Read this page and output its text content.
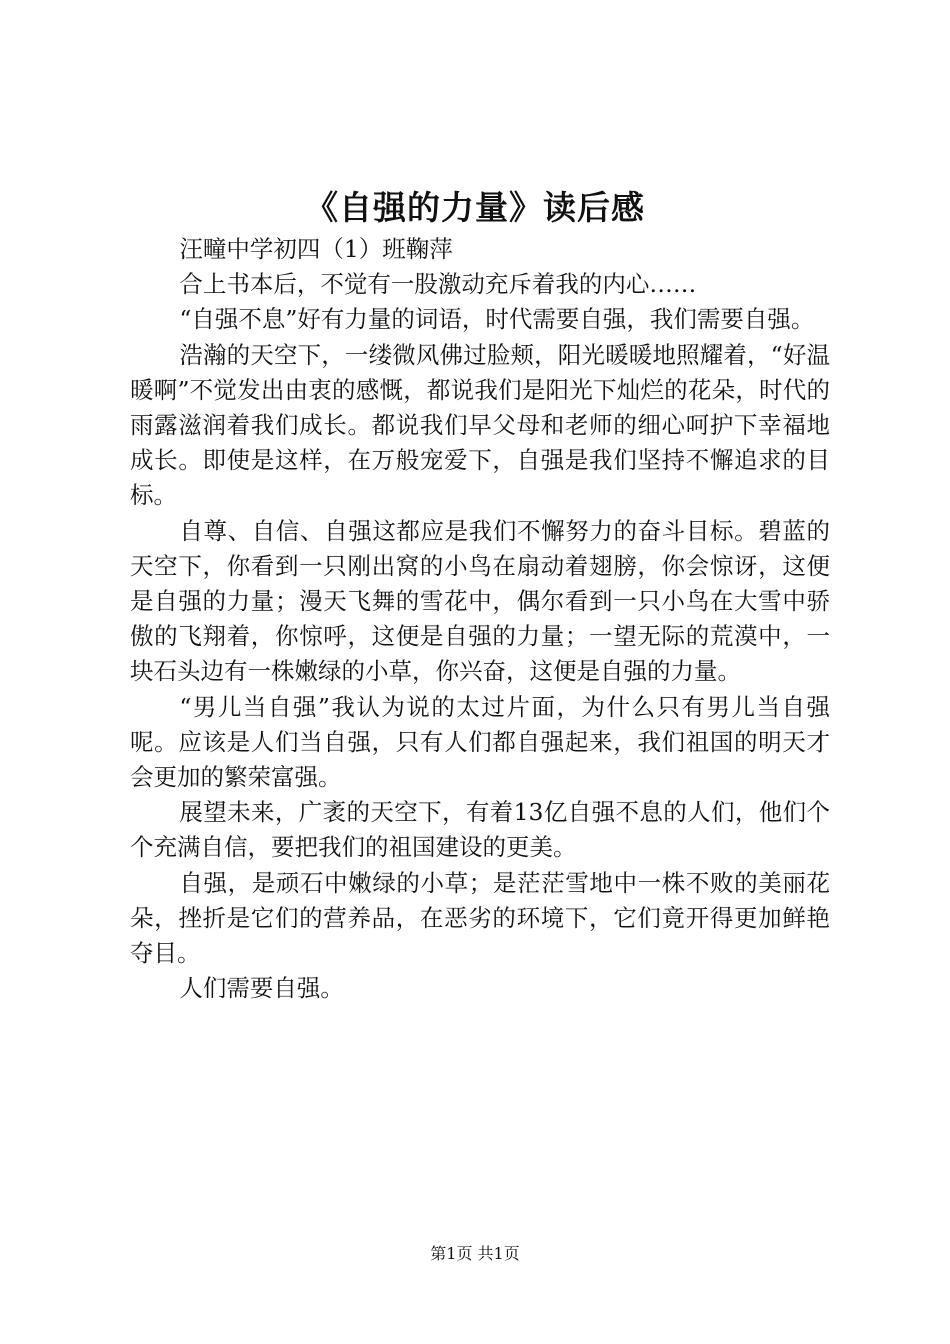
《自强的力量》读后感

汪疃中学初四（1）班鞠萍

合上书本后，不觉有一股激动充斥着我的内心……

“自强不息”好有力量的词语，时代需要自强，我们需要自强。

浩瀚的天空下，一缕微风佛过脸颊，阳光暖暖地照耀着，“好温暖啊”不觉发出由衷的感慨，都说我们是阳光下灿烂的花朵，时代的雨露滋润着我们成长。都说我们早父母和老师的细心呵护下幸福地成长。即使是这样，在万般宠爱下，自强是我们坚持不懈追求的目标。

自尊、自信、自强这都应是我们不懈努力的奋斗目标。碧蓝的天空下，你看到一只刚出窝的小鸟在扇动着翅膀，你会惊讶，这便是自强的力量；漫天飞舞的雪花中，偶尔看到一只小鸟在大雪中骄傲的飞翔着，你惊呼，这便是自强的力量；一望无际的荒漠中，一块石头边有一株嫩绿的小草，你兴奋，这便是自强的力量。

“男儿当自强”我认为说的太过片面，为什么只有男儿当自强呢。应该是人们当自强，只有人们都自强起来，我们祖国的明天才会更加的繁荣富强。

展望未来，广袤的天空下，有着13亿自强不息的人们，他们个个充满自信，要把我们的祖国建设的更美。

自强，是顽石中嫩绿的小草；是茫茫雪地中一株不败的美丽花朵，挫折是它们的营养品，在恶劣的环境下，它们竟开得更加鲜艳夺目。

人们需要自强。

第1页 共1页
